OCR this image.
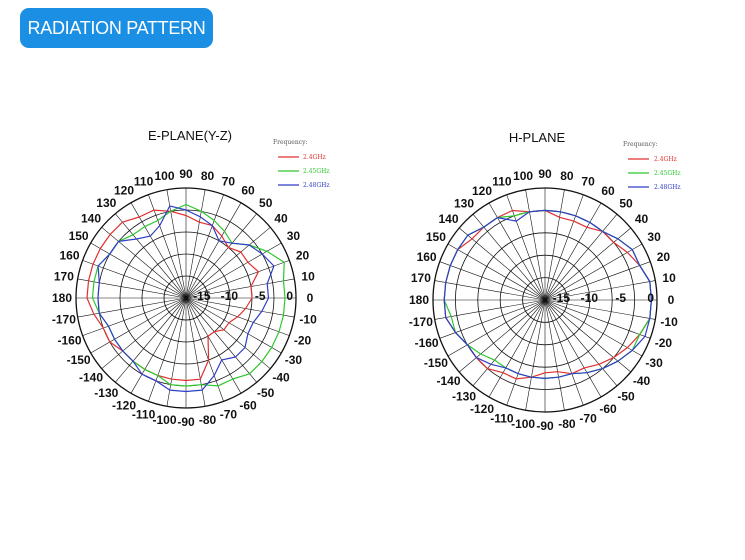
RADIATION PATTERN
0
10
20
30
40
50
60
70
80
90
100
110
120
130
140
150
160
170
180
-170
-160
-150
-140
-130
-120
-110
-100 -90 -80 -70
-60
-50
-40
-30
-20
-10
-15 -10 -5 0
E-PLANE(Y-Z)	Frequency:
2.4GHz
2.45GHz
2.48GHz
0
10
20
30
40
50
60
70
80
90
100
110
120
130
140
150
160
170
180
-170
-160
-150
-140
-130
-120
-110
-100 -90 -80 -70
-60
-50
-40
-30
-20
-10
-15 -10 -5 0
H-PLANE	Frequency:
2.4GHz
2.45GHz
2.48GHz
